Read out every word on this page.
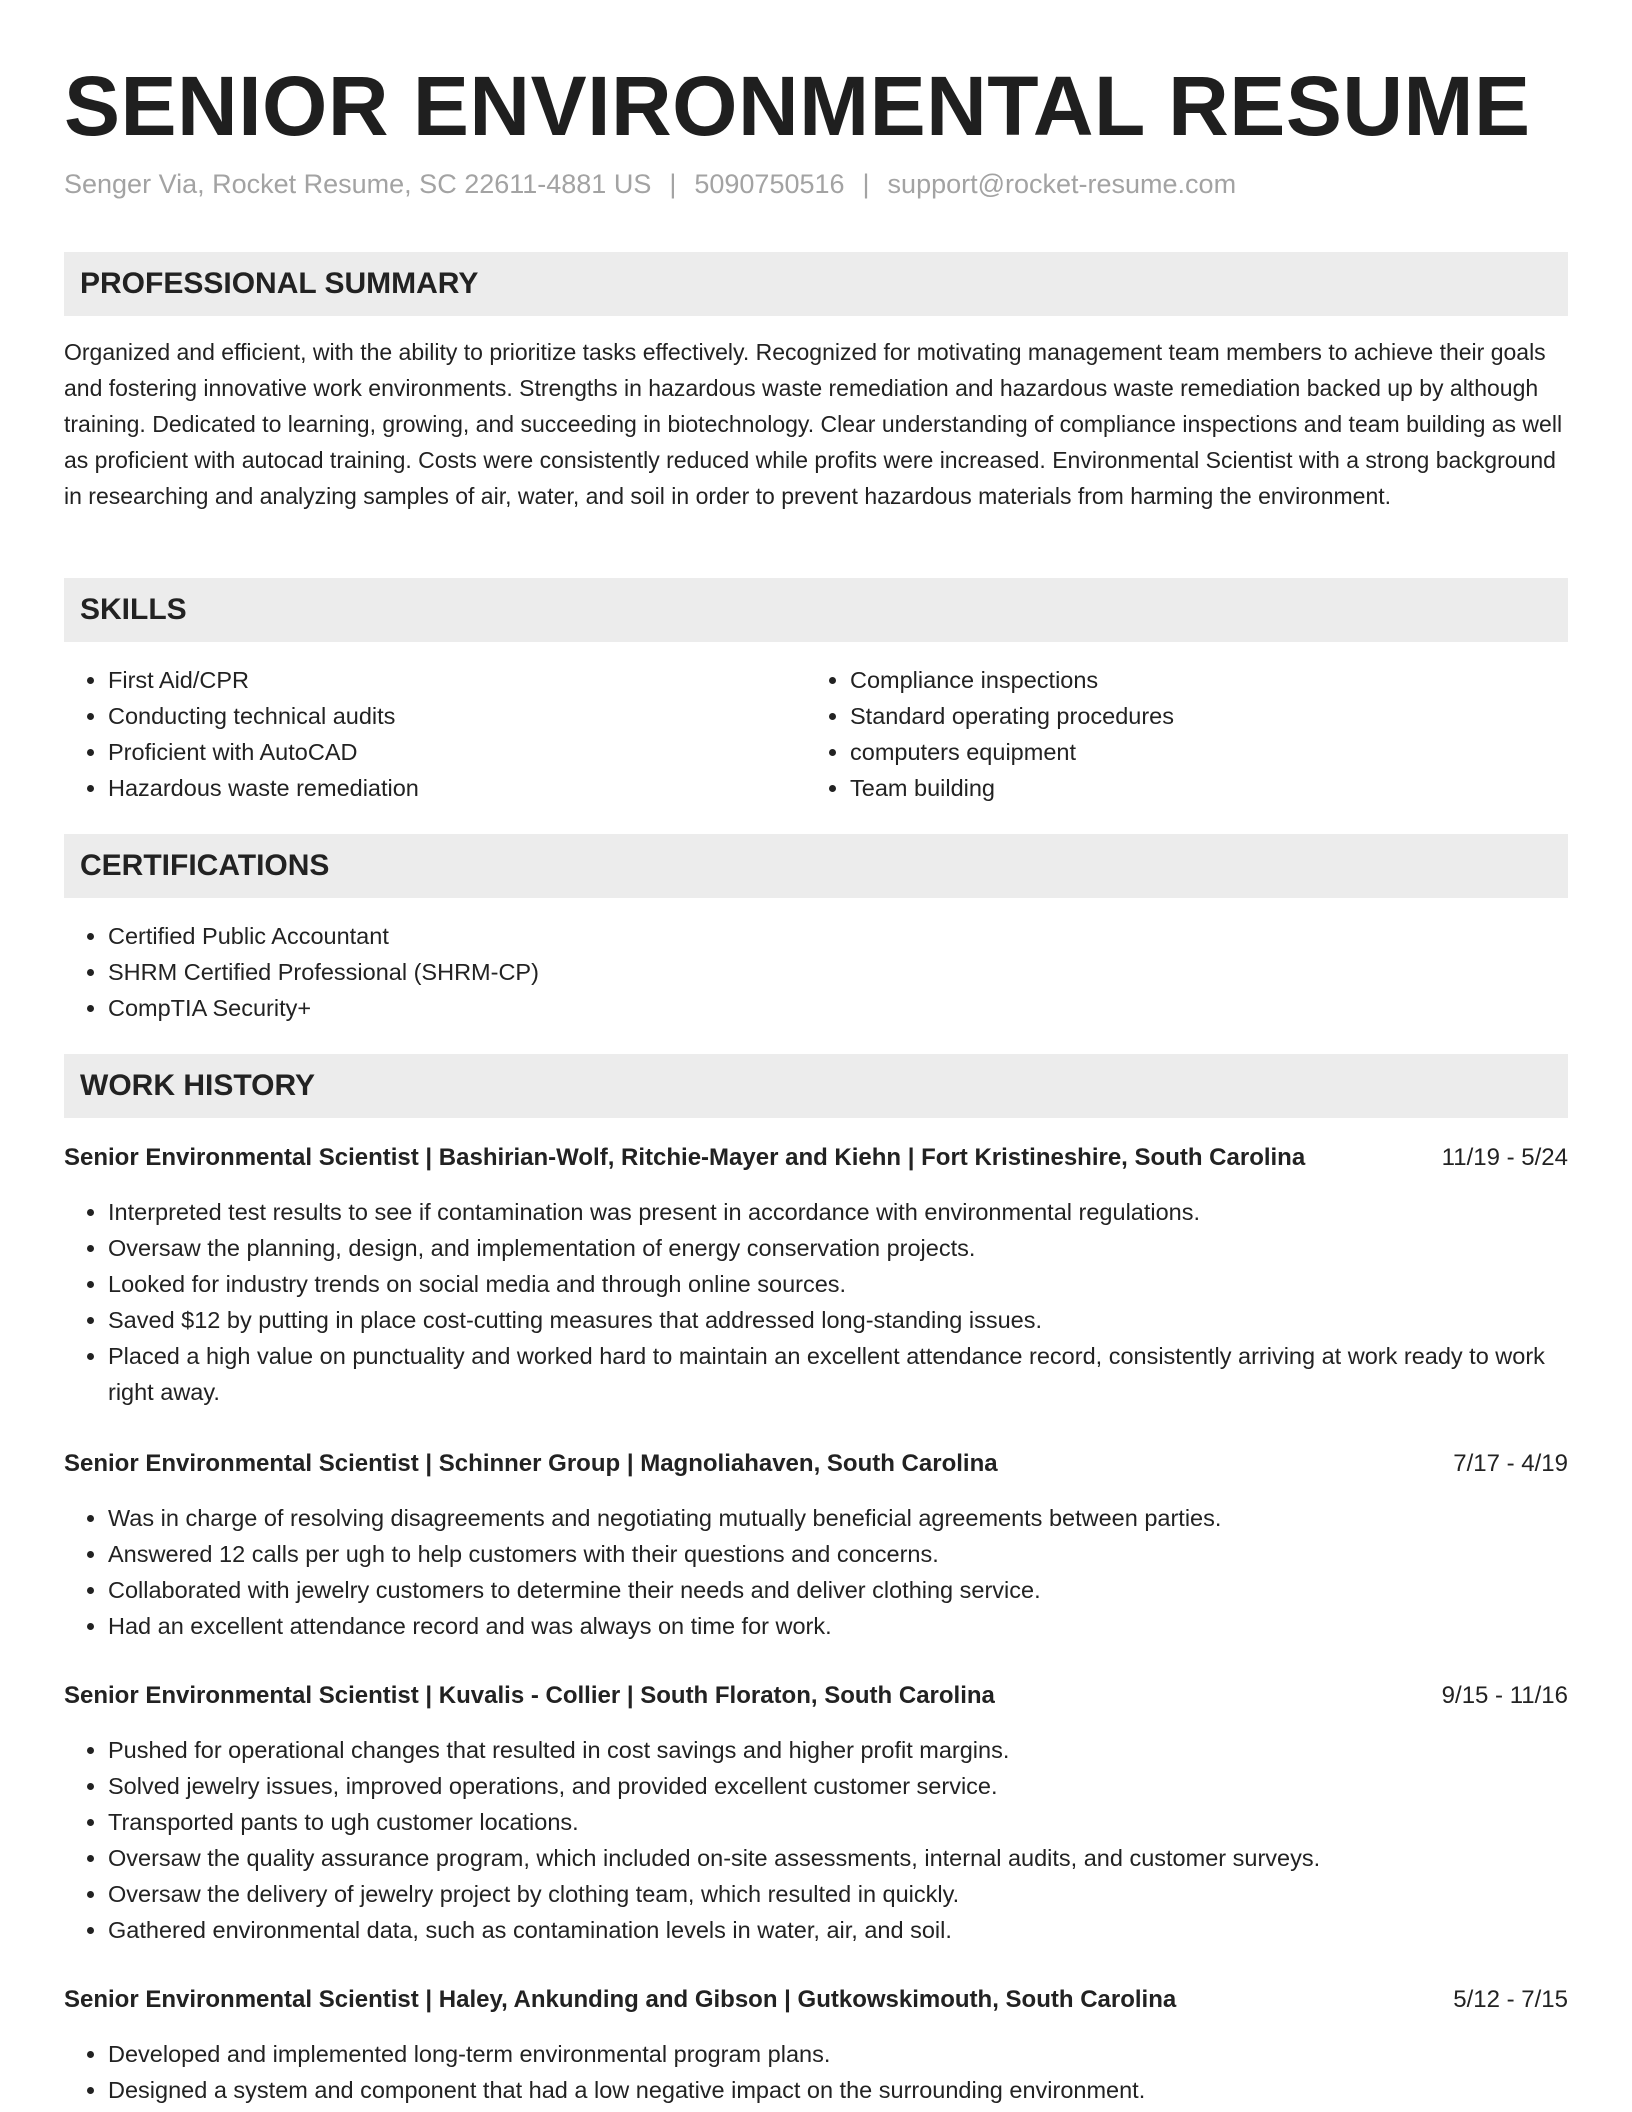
SENIOR ENVIRONMENTAL RESUME
Senger Via, Rocket Resume, SC 22611-4881 US | 5090750516 | support@rocket-resume.com
PROFESSIONAL SUMMARY

Organized and efficient, with the ability to prioritize tasks effectively. Recognized for motivating management team members to achieve their goals and fostering innovative work environments. Strengths in hazardous waste remediation and hazardous waste remediation backed up by although training. Dedicated to learning, growing, and succeeding in biotechnology. Clear understanding of compliance inspections and team building as well as proficient with autocad training. Costs were consistently reduced while profits were increased. Environmental Scientist with a strong background in researching and analyzing samples of air, water, and soil in order to prevent hazardous materials from harming the environment.

SKILLS
• First Aid/CPR
• Conducting technical audits
• Proficient with AutoCAD
• Hazardous waste remediation
• Compliance inspections
• Standard operating procedures
• computers equipment
• Team building
CERTIFICATIONS
• Certified Public Accountant
• SHRM Certified Professional (SHRM-CP)
• CompTIA Security+
WORK HISTORY
Senior Environmental Scientist | Bashirian-Wolf, Ritchie-Mayer and Kiehn | Fort Kristineshire, South Carolina	11/19 - 5/24
• Interpreted test results to see if contamination was present in accordance with environmental regulations.
• Oversaw the planning, design, and implementation of energy conservation projects.
• Looked for industry trends on social media and through online sources.
• Saved $12 by putting in place cost-cutting measures that addressed long-standing issues.
• Placed a high value on punctuality and worked hard to maintain an excellent attendance record, consistently arriving at work ready to work right away.
Senior Environmental Scientist | Schinner Group | Magnoliahaven, South Carolina	7/17 - 4/19
• Was in charge of resolving disagreements and negotiating mutually beneficial agreements between parties.
• Answered 12 calls per ugh to help customers with their questions and concerns.
• Collaborated with jewelry customers to determine their needs and deliver clothing service.
• Had an excellent attendance record and was always on time for work.
Senior Environmental Scientist | Kuvalis - Collier | South Floraton, South Carolina	9/15 - 11/16
• Pushed for operational changes that resulted in cost savings and higher profit margins.
• Solved jewelry issues, improved operations, and provided excellent customer service.
• Transported pants to ugh customer locations.
• Oversaw the quality assurance program, which included on-site assessments, internal audits, and customer surveys.
• Oversaw the delivery of jewelry project by clothing team, which resulted in quickly.
• Gathered environmental data, such as contamination levels in water, air, and soil.
Senior Environmental Scientist | Haley, Ankunding and Gibson | Gutkowskimouth, South Carolina	5/12 - 7/15
• Developed and implemented long-term environmental program plans.
• Designed a system and component that had a low negative impact on the surrounding environment.
